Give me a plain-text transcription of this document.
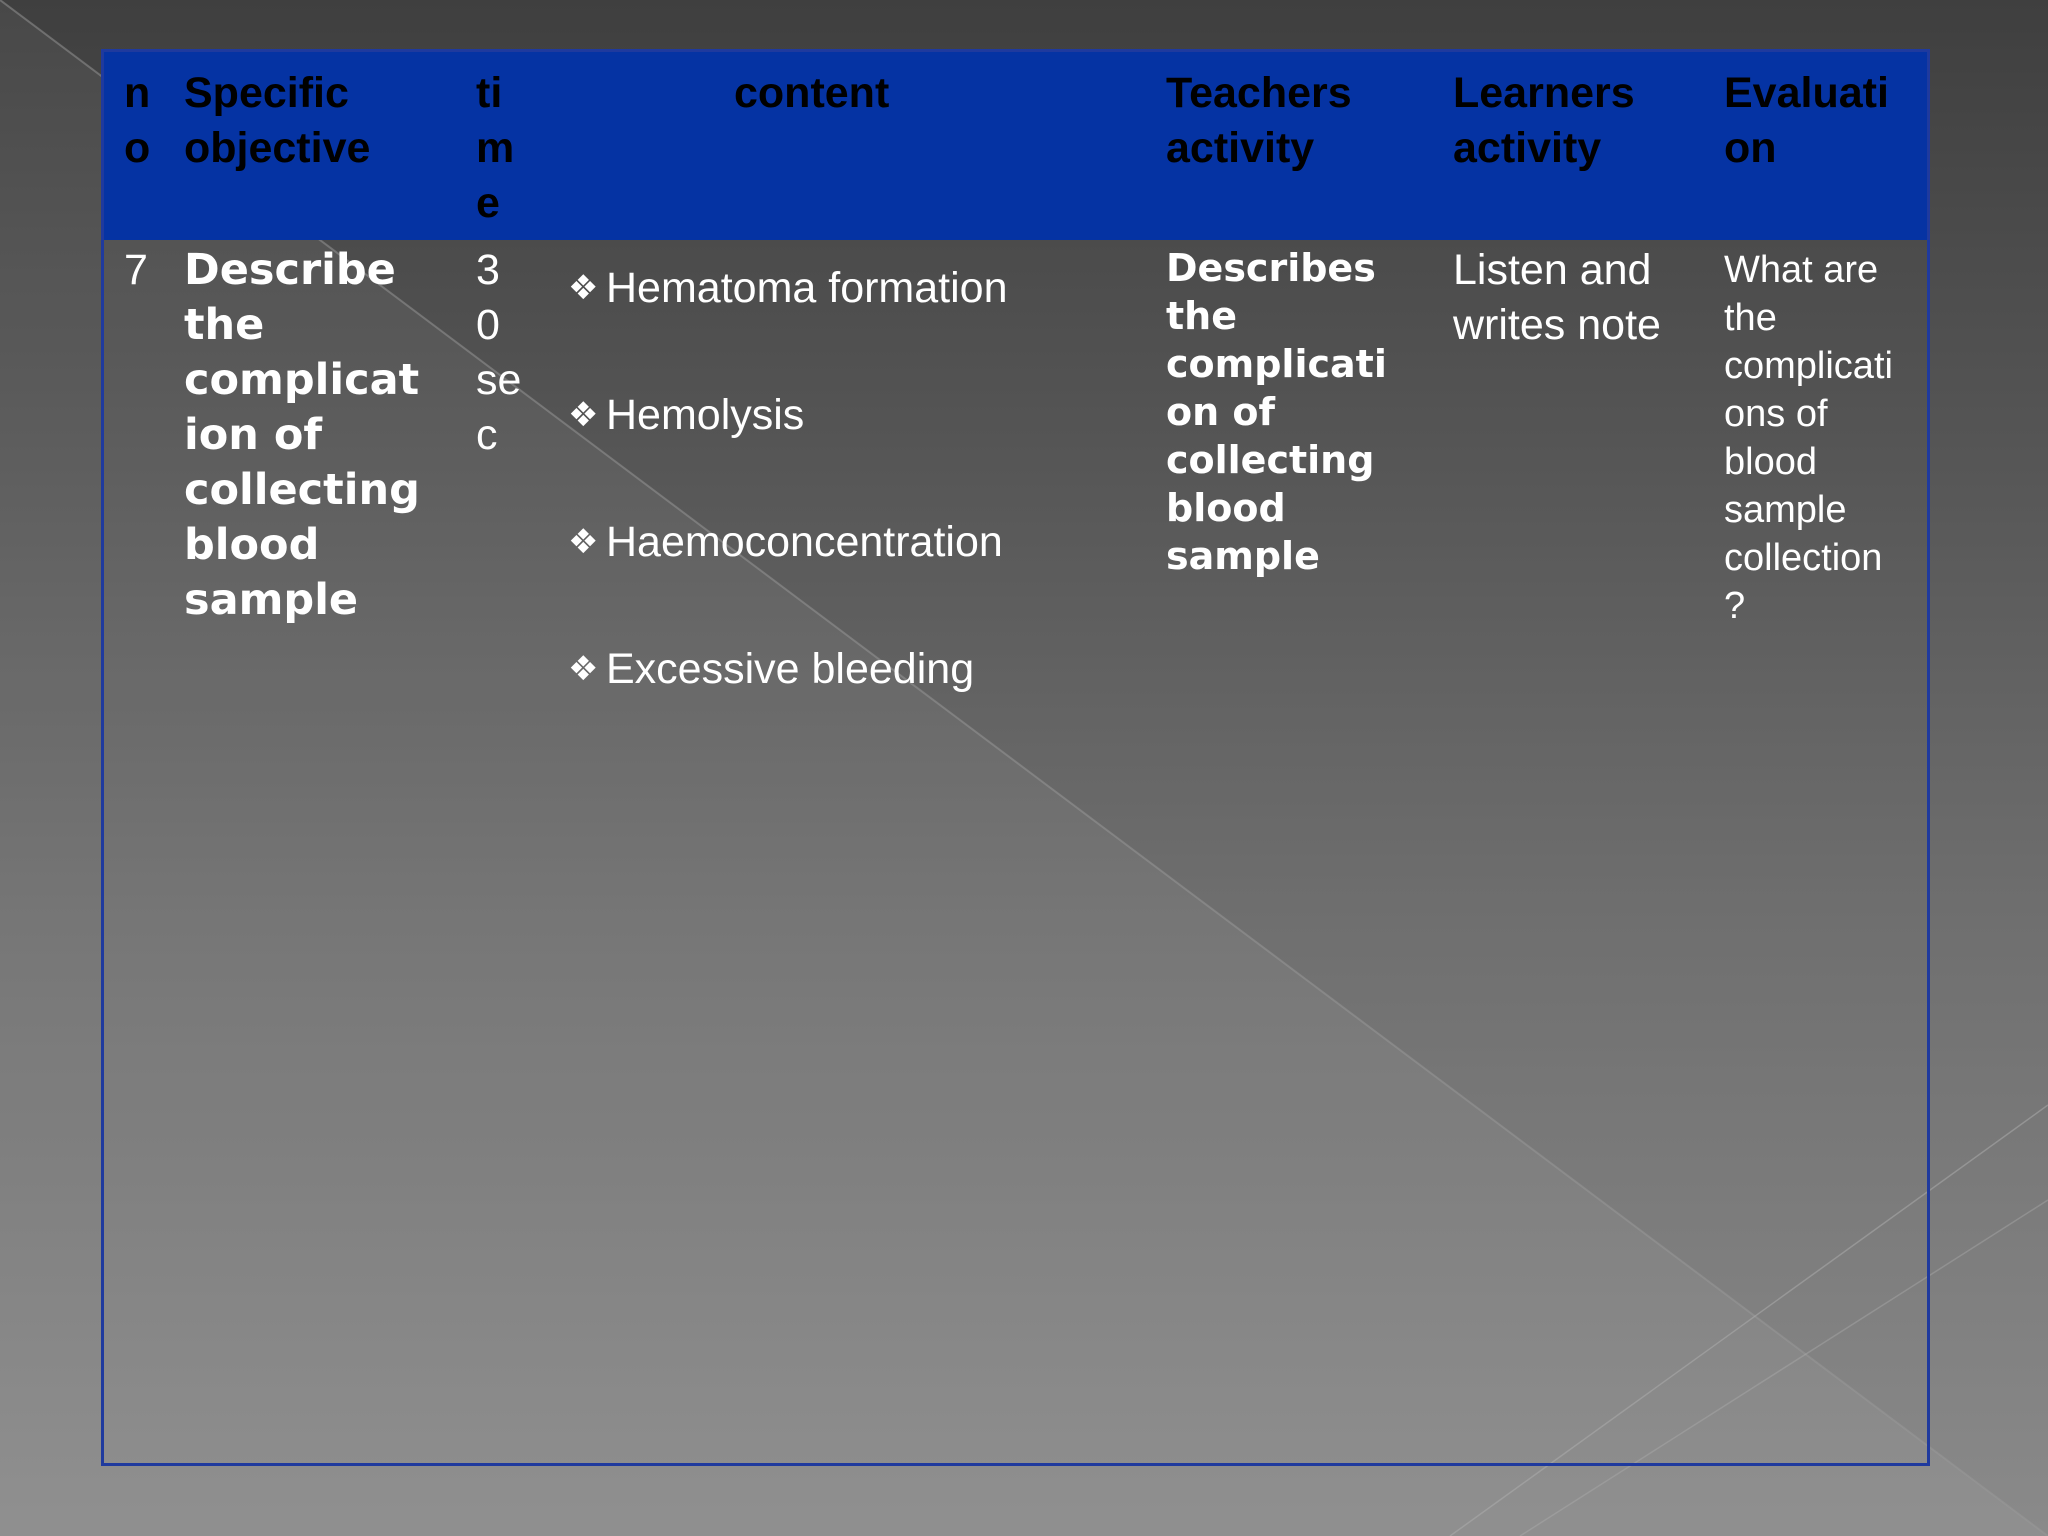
n
o
Specific
objective
ti
m
e
content	Teachers
activity
Learners
activity
Evaluati
on
7 Describe
the
complicat
ion of
collecting
blood
sample
3
0
se
c

❖ Hematoma formation

❖ Hemolysis

❖ Haemoconcentration

❖ Excessive bleeding

Describes
the
complicati
on of
collecting
blood
sample
Listen and
writes note
What are
the
complicati
ons of
blood
sample
collection
?
